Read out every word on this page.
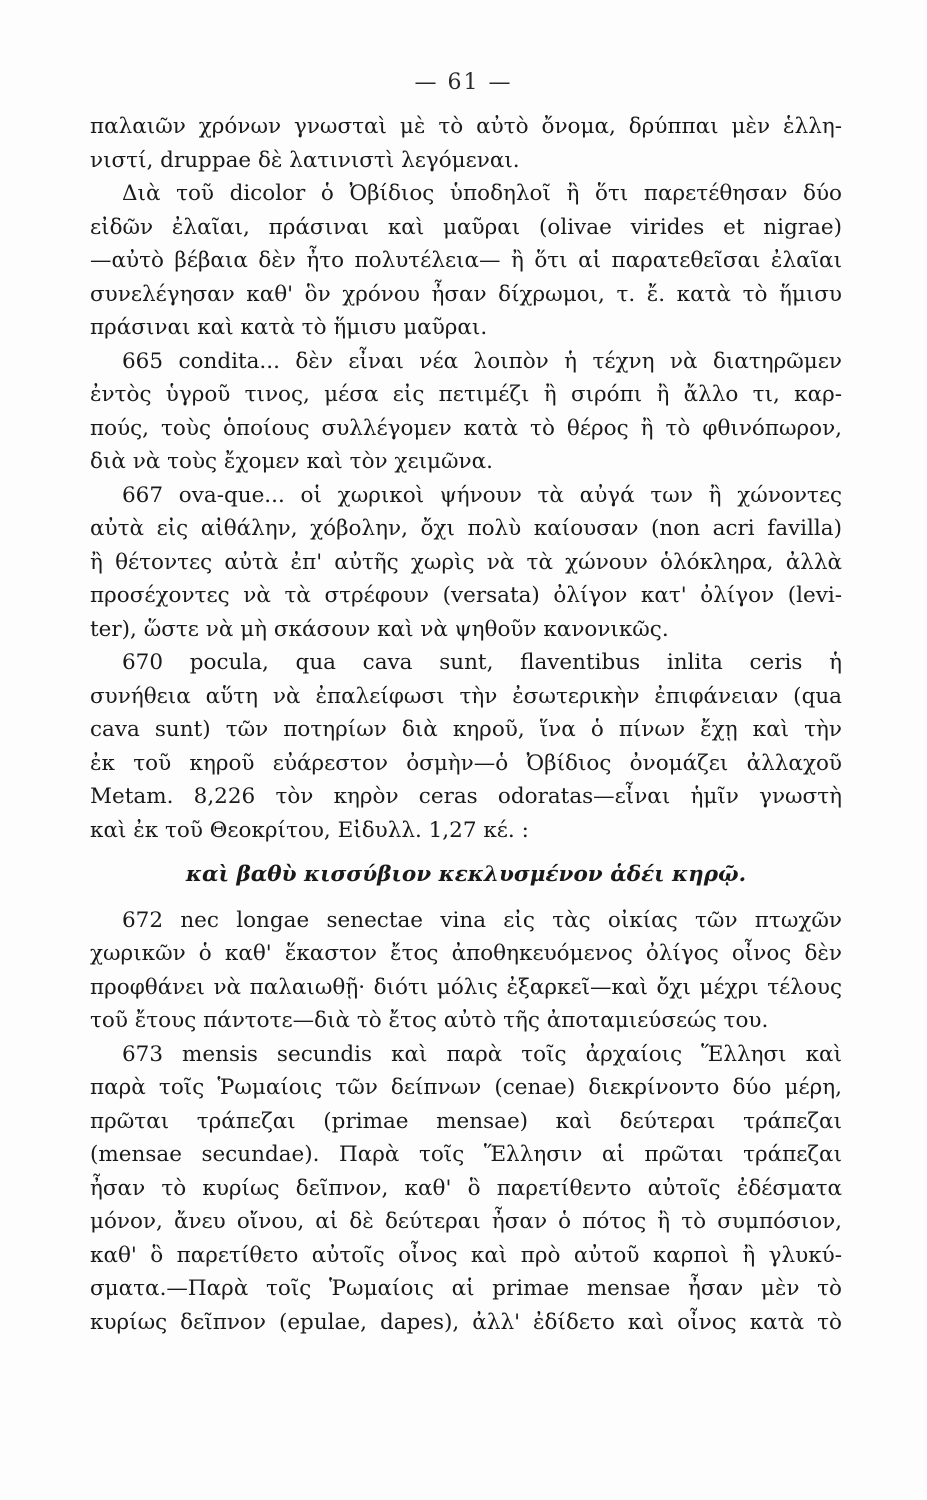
— 61 —
παλαιῶν χρόνων γνωσταὶ μὲ τὸ αὐτὸ ὄνομα, δρύππαι μὲν ἑλλη-
νιστί, druppae δὲ λατινιστὶ λεγόμεναι.
Διὰ τοῦ dicolor ὁ Ὀβίδιος ὑποδηλοῖ ἢ ὅτι παρετέθησαν δύο
εἰδῶν ἐλαῖαι, πράσιναι καὶ μαῦραι (olivae virides et nigrae)
—αὐτὸ βέβαια δὲν ἦτο πολυτέλεια— ἢ ὅτι αἱ παρατεθεῖσαι ἐλαῖαι
συνελέγησαν καθ' ὃν χρόνου ἦσαν δίχρωμοι, τ. ἔ. κατὰ τὸ ἥμισυ
πράσιναι καὶ κατὰ τὸ ἥμισυ μαῦραι.
665 condita... δὲν εἶναι νέα λοιπὸν ἡ τέχνη νὰ διατηρῶμεν
ἐντὸς ὑγροῦ τινος, μέσα εἰς πετιμέζι ἢ σιρόπι ἢ ἄλλο τι, καρ-
πούς, τοὺς ὁποίους συλλέγομεν κατὰ τὸ θέρος ἢ τὸ φθινόπωρον,
διὰ νὰ τοὺς ἔχομεν καὶ τὸν χειμῶνα.
667 ova-que... οἱ χωρικοὶ ψήνουν τὰ αὐγά των ἢ χώνοντες
αὐτὰ εἰς αἰθάλην, χόβολην, ὄχι πολὺ καίουσαν (non acri favilla)
ἢ θέτοντες αὐτὰ ἐπ' αὐτῆς χωρὶς νὰ τὰ χώνουν ὁλόκληρα, ἀλλὰ
προσέχοντες νὰ τὰ στρέφουν (versata) ὀλίγον κατ' ὀλίγον (levi-
ter), ὥστε νὰ μὴ σκάσουν καὶ νὰ ψηθοῦν κανονικῶς.
670 pocula, qua cava sunt, flaventibus inlita ceris ἡ
συνήθεια αὕτη νὰ ἐπαλείφωσι τὴν ἐσωτερικὴν ἐπιφάνειαν (qua
cava sunt) τῶν ποτηρίων διὰ κηροῦ, ἵνα ὁ πίνων ἔχῃ καὶ τὴν
ἐκ τοῦ κηροῦ εὐάρεστον ὀσμὴν—ὁ Ὀβίδιος ὀνομάζει ἀλλαχοῦ
Metam. 8,226 τὸν κηρὸν ceras odoratas—εἶναι ἡμῖν γνωστὴ
καὶ ἐκ τοῦ Θεοκρίτου, Εἰδυλλ. 1,27 κέ. :
καὶ βαθὺ κισσύβιον κεκλυσμένον ἁδέι κηρῷ.
672 nec longae senectae vina εἰς τὰς οἰκίας τῶν πτωχῶν
χωρικῶν ὁ καθ' ἕκαστον ἔτος ἀποθηκευόμενος ὀλίγος οἶνος δὲν
προφθάνει νὰ παλαιωθῇ· διότι μόλις ἐξαρκεῖ—καὶ ὄχι μέχρι τέλους
τοῦ ἔτους πάντοτε—διὰ τὸ ἔτος αὐτὸ τῆς ἀποταμιεύσεώς του.
673 mensis secundis καὶ παρὰ τοῖς ἀρχαίοις Ἕλλησι καὶ
παρὰ τοῖς Ῥωμαίοις τῶν δείπνων (cenae) διεκρίνοντο δύο μέρη,
πρῶται τράπεζαι (primae mensae) καὶ δεύτεραι τράπεζαι
(mensae secundae). Παρὰ τοῖς Ἕλλησιν αἱ πρῶται τράπεζαι
ἦσαν τὸ κυρίως δεῖπνον, καθ' ὃ παρετίθεντο αὐτοῖς ἐδέσματα
μόνον, ἄνευ οἴνου, αἱ δὲ δεύτεραι ἦσαν ὁ πότος ἢ τὸ συμπόσιον,
καθ' ὃ παρετίθετο αὐτοῖς οἶνος καὶ πρὸ αὐτοῦ καρποὶ ἢ γλυκύ-
σματα.—Παρὰ τοῖς Ῥωμαίοις αἱ primae mensae ἦσαν μὲν τὸ
κυρίως δεῖπνον (epulae, dapes), ἀλλ' ἐδίδετο καὶ οἶνος κατὰ τὸ
